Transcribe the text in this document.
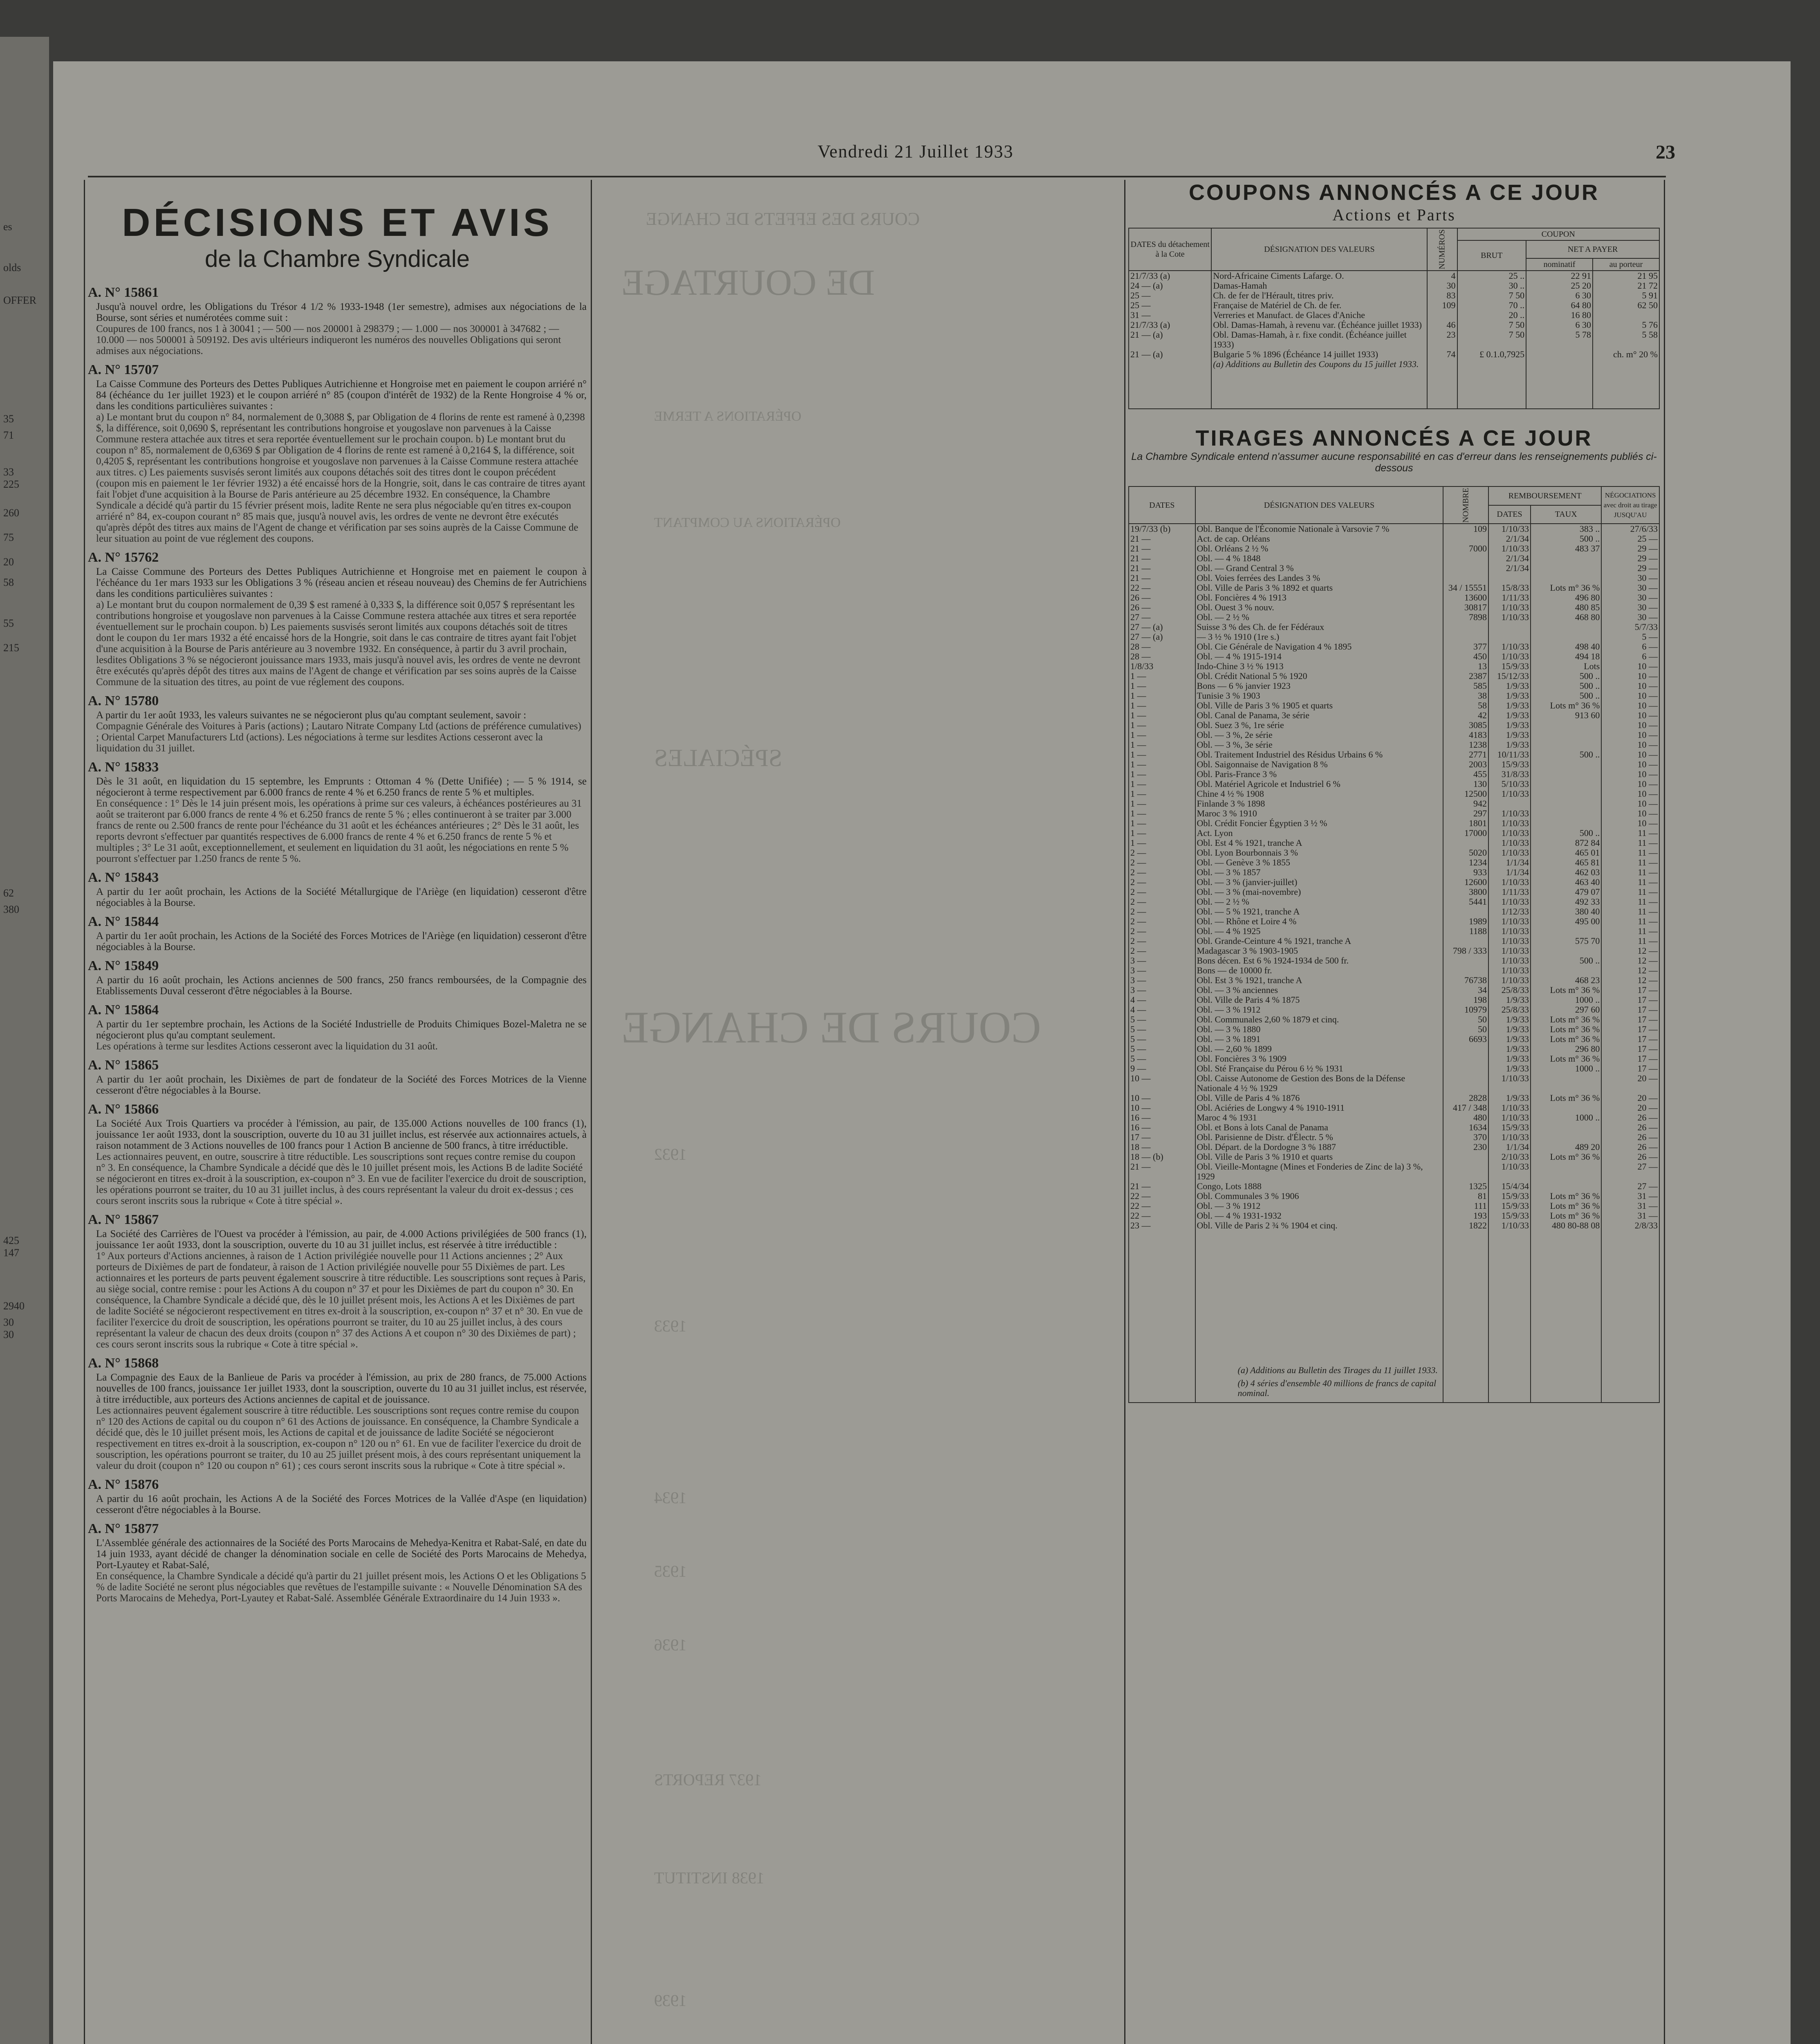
es
olds
OFFER
35
71
33
225
260
75
20
58
55
215
62
380
425
147
2940
30
30
Vendredi 21 Juillet 1933	23
DÉCISIONS ET AVIS
de la Chambre Syndicale
A. N° 15861
Jusqu'à nouvel ordre, les Obligations du Trésor 4 1/2 % 1933-1948 (1er semestre), admises aux négociations de la Bourse, sont séries et numérotées comme suit :
Coupures de 100 francs, nos 1 à 30041 ; — 500 — nos 200001 à 298379 ; — 1.000 — nos 300001 à 347682 ; — 10.000 — nos 500001 à 509192. Des avis ultérieurs indiqueront les numéros des nouvelles Obligations qui seront admises aux négociations.
A. N° 15707
La Caisse Commune des Porteurs des Dettes Publiques Autrichienne et Hongroise met en paiement le coupon arriéré n° 84 (échéance du 1er juillet 1923) et le coupon arriéré n° 85 (coupon d'intérêt de 1932) de la Rente Hongroise 4 % or, dans les conditions particulières suivantes :
a) Le montant brut du coupon n° 84, normalement de 0,3088 $, par Obligation de 4 florins de rente est ramené à 0,2398 $, la différence, soit 0,0690 $, représentant les contributions hongroise et yougoslave non parvenues à la Caisse Commune restera attachée aux titres et sera reportée éventuellement sur le prochain coupon. b) Le montant brut du coupon n° 85, normalement de 0,6369 $ par Obligation de 4 florins de rente est ramené à 0,2164 $, la différence, soit 0,4205 $, représentant les contributions hongroise et yougoslave non parvenues à la Caisse Commune restera attachée aux titres. c) Les paiements susvisés seront limités aux coupons détachés soit des titres dont le coupon précédent (coupon mis en paiement le 1er février 1932) a été encaissé hors de la Hongrie, soit, dans le cas contraire de titres ayant fait l'objet d'une acquisition à la Bourse de Paris antérieure au 25 décembre 1932. En conséquence, la Chambre Syndicale a décidé qu'à partir du 15 février présent mois, ladite Rente ne sera plus négociable qu'en titres ex-coupon arriéré n° 84, ex-coupon courant n° 85 mais que, jusqu'à nouvel avis, les ordres de vente ne devront être exécutés qu'après dépôt des titres aux mains de l'Agent de change et vérification par ses soins auprès de la Caisse Commune de leur situation au point de vue réglement des coupons.
A. N° 15762
La Caisse Commune des Porteurs des Dettes Publiques Autrichienne et Hongroise met en paiement le coupon à l'échéance du 1er mars 1933 sur les Obligations 3 % (réseau ancien et réseau nouveau) des Chemins de fer Autrichiens dans les conditions particulières suivantes :
a) Le montant brut du coupon normalement de 0,39 $ est ramené à 0,333 $, la différence soit 0,057 $ représentant les contributions hongroise et yougoslave non parvenues à la Caisse Commune restera attachée aux titres et sera reportée éventuellement sur le prochain coupon. b) Les paiements susvisés seront limités aux coupons détachés soit de titres dont le coupon du 1er mars 1932 a été encaissé hors de la Hongrie, soit dans le cas contraire de titres ayant fait l'objet d'une acquisition à la Bourse de Paris antérieure au 3 novembre 1932. En conséquence, à partir du 3 avril prochain, lesdites Obligations 3 % se négocieront jouissance mars 1933, mais jusqu'à nouvel avis, les ordres de vente ne devront être exécutés qu'après dépôt des titres aux mains de l'Agent de change et vérification par ses soins auprès de la Caisse Commune de la situation des titres, au point de vue réglement des coupons.
A. N° 15780
A partir du 1er août 1933, les valeurs suivantes ne se négocieront plus qu'au comptant seulement, savoir :
Compagnie Générale des Voitures à Paris (actions) ; Lautaro Nitrate Company Ltd (actions de préférence cumulatives) ; Oriental Carpet Manufacturers Ltd (actions). Les négociations à terme sur lesdites Actions cesseront avec la liquidation du 31 juillet.
A. N° 15833
Dès le 31 août, en liquidation du 15 septembre, les Emprunts : Ottoman 4 % (Dette Unifiée) ; — 5 % 1914, se négocieront à terme respectivement par 6.000 francs de rente 4 % et 6.250 francs de rente 5 % et multiples.
En conséquence : 1° Dès le 14 juin présent mois, les opérations à prime sur ces valeurs, à échéances postérieures au 31 août se traiteront par 6.000 francs de rente 4 % et 6.250 francs de rente 5 % ; elles continueront à se traiter par 3.000 francs de rente ou 2.500 francs de rente pour l'échéance du 31 août et les échéances antérieures ; 2° Dès le 31 août, les reports devront s'effectuer par quantités respectives de 6.000 francs de rente 4 % et 6.250 francs de rente 5 % et multiples ; 3° Le 31 août, exceptionnellement, et seulement en liquidation du 31 août, les négociations en rente 5 % pourront s'effectuer par 1.250 francs de rente 5 %.
A. N° 15843
A partir du 1er août prochain, les Actions de la Société Métallurgique de l'Ariège (en liquidation) cesseront d'être négociables à la Bourse.
A. N° 15844
A partir du 1er août prochain, les Actions de la Société des Forces Motrices de l'Ariège (en liquidation) cesseront d'être négociables à la Bourse.
A. N° 15849
A partir du 16 août prochain, les Actions anciennes de 500 francs, 250 francs remboursées, de la Compagnie des Etablissements Duval cesseront d'être négociables à la Bourse.
A. N° 15864
A partir du 1er septembre prochain, les Actions de la Société Industrielle de Produits Chimiques Bozel-Maletra ne se négocieront plus qu'au comptant seulement.
Les opérations à terme sur lesdites Actions cesseront avec la liquidation du 31 août.
A. N° 15865
A partir du 1er août prochain, les Dixièmes de part de fondateur de la Société des Forces Motrices de la Vienne cesseront d'être négociables à la Bourse.
A. N° 15866
La Société Aux Trois Quartiers va procéder à l'émission, au pair, de 135.000 Actions nouvelles de 100 francs (1), jouissance 1er août 1933, dont la souscription, ouverte du 10 au 31 juillet inclus, est réservée aux actionnaires actuels, à raison notamment de 3 Actions nouvelles de 100 francs pour 1 Action B ancienne de 500 francs, à titre irréductible.
Les actionnaires peuvent, en outre, souscrire à titre réductible. Les souscriptions sont reçues contre remise du coupon n° 3. En conséquence, la Chambre Syndicale a décidé que dès le 10 juillet présent mois, les Actions B de ladite Société se négocieront en titres ex-droit à la souscription, ex-coupon n° 3. En vue de faciliter l'exercice du droit de souscription, les opérations pourront se traiter, du 10 au 31 juillet inclus, à des cours représentant la valeur du droit ex-dessus ; ces cours seront inscrits sous la rubrique « Cote à titre spécial ».
A. N° 15867
La Société des Carrières de l'Ouest va procéder à l'émission, au pair, de 4.000 Actions privilégiées de 500 francs (1), jouissance 1er août 1933, dont la souscription, ouverte du 10 au 31 juillet inclus, est réservée à titre irréductible :
1° Aux porteurs d'Actions anciennes, à raison de 1 Action privilégiée nouvelle pour 11 Actions anciennes ; 2° Aux porteurs de Dixièmes de part de fondateur, à raison de 1 Action privilégiée nouvelle pour 55 Dixièmes de part. Les actionnaires et les porteurs de parts peuvent également souscrire à titre réductible. Les souscriptions sont reçues à Paris, au siège social, contre remise : pour les Actions A du coupon n° 37 et pour les Dixièmes de part du coupon n° 30. En conséquence, la Chambre Syndicale a décidé que, dès le 10 juillet présent mois, les Actions A et les Dixièmes de part de ladite Société se négocieront respectivement en titres ex-droit à la souscription, ex-coupon n° 37 et n° 30. En vue de faciliter l'exercice du droit de souscription, les opérations pourront se traiter, du 10 au 25 juillet inclus, à des cours représentant la valeur de chacun des deux droits (coupon n° 37 des Actions A et coupon n° 30 des Dixièmes de part) ; ces cours seront inscrits sous la rubrique « Cote à titre spécial ».
A. N° 15868
La Compagnie des Eaux de la Banlieue de Paris va procéder à l'émission, au prix de 280 francs, de 75.000 Actions nouvelles de 100 francs, jouissance 1er juillet 1933, dont la souscription, ouverte du 10 au 31 juillet inclus, est réservée, à titre irréductible, aux porteurs des Actions anciennes de capital et de jouissance.
Les actionnaires peuvent également souscrire à titre réductible. Les souscriptions sont reçues contre remise du coupon n° 120 des Actions de capital ou du coupon n° 61 des Actions de jouissance. En conséquence, la Chambre Syndicale a décidé que, dès le 10 juillet présent mois, les Actions de capital et de jouissance de ladite Société se négocieront respectivement en titres ex-droit à la souscription, ex-coupon n° 120 ou n° 61. En vue de faciliter l'exercice du droit de souscription, les opérations pourront se traiter, du 10 au 25 juillet présent mois, à des cours représentant uniquement la valeur du droit (coupon n° 120 ou coupon n° 61) ; ces cours seront inscrits sous la rubrique « Cote à titre spécial ».
A. N° 15876
A partir du 16 août prochain, les Actions A de la Société des Forces Motrices de la Vallée d'Aspe (en liquidation) cesseront d'être négociables à la Bourse.
A. N° 15877
L'Assemblée générale des actionnaires de la Société des Ports Marocains de Mehedya-Kenitra et Rabat-Salé, en date du 14 juin 1933, ayant décidé de changer la dénomination sociale en celle de Société des Ports Marocains de Mehedya, Port-Lyautey et Rabat-Salé,
En conséquence, la Chambre Syndicale a décidé qu'à partir du 21 juillet présent mois, les Actions O et les Obligations 5 % de ladite Société ne seront plus négociables que revêtues de l'estampille suivante : « Nouvelle Dénomination SA des Ports Marocains de Mehedya, Port-Lyautey et Rabat-Salé. Assemblée Générale Extraordinaire du 14 Juin 1933 ».
COURS DES EFFETS DE CHANGE
DE COURTAGE
OPÉRATIONS A TERME
OPÉRATIONS AU COMPTANT
SPÉCIALES
COURS DE CHANGE
1932
1933
1934
1935
1936
1937 REPORTS
1938 INSTITUT
1939
COUPONS ANNONCÉS A CE JOUR
Actions et Parts
DATES du détachement à la Cote	DÉSIGNATION DES VALEURS	NUMÉROS	COUPON		
			BRUT	NET A PAYER	
				nominatif	au porteur
21/7/33 (a)	Nord-Africaine Ciments Lafarge. O.	4	25 ..	22 91	21 95
24 — (a)	Damas-Hamah	30	30 ..	25 20	21 72
25 —	Ch. de fer de l'Hérault, titres priv.	83	7 50	6 30	5 91
25 —	Française de Matériel de Ch. de fer.	109	70 ..	64 80	62 50
31 —	Verreries et Manufact. de Glaces d'Aniche		20 ..	16 80	
21/7/33 (a)	Obl. Damas-Hamah, à revenu var. (Échéance juillet 1933)	46	7 50	6 30	5 76
21 — (a)	Obl. Damas-Hamah, à r. fixe condit. (Échéance juillet 1933)	23	7 50	5 78	5 58
21 — (a)	Bulgarie 5 % 1896 (Échéance 14 juillet 1933)	74	£ 0.1.0,7925		ch. m° 20 %
	(a) Additions au Bulletin des Coupons du 15 juillet 1933.				
TIRAGES ANNONCÉS A CE JOUR
La Chambre Syndicale entend n'assumer aucune responsabilité en cas d'erreur dans les renseignements publiés ci-dessous
DATES	DÉSIGNATION DES VALEURS	NOMBRE	REMBOURSEMENT		NÉGOCIATIONS avec droit au tirage JUSQU'AU
			DATES	TAUX	
19/7/33 (b)	Obl. Banque de l'Économie Nationale à Varsovie 7 %	109	1/10/33	383 ..	27/6/33
21 —	Act. de cap. Orléans		2/1/34	500 ..	25 —
21 —	Obl. Orléans 2 ½ %	7000	1/10/33	483 37	29 —
21 —	Obl. — 4 % 1848		2/1/34		29 —
21 —	Obl. — Grand Central 3 %		2/1/34		29 —
21 —	Obl. Voies ferrées des Landes 3 %				30 —
22 —	Obl. Ville de Paris 3 % 1892 et quarts	34 / 15551	15/8/33	Lots m° 36 %	30 —
26 —	Obl. Foncières 4 % 1913	13600	1/11/33	496 80	30 —
26 —	Obl. Ouest 3 % nouv.	30817	1/10/33	480 85	30 —
27 —	Obl. — 2 ½ %	7898	1/10/33	468 80	30 —
27 — (a)	Suisse 3 % des Ch. de fer Fédéraux				5/7/33
27 — (a)	— 3 ½ % 1910 (1re s.)				5 —
28 —	Obl. Cie Générale de Navigation 4 % 1895	377	1/10/33	498 40	6 —
28 —	Obl. — 4 % 1915-1914	450	1/10/33	494 18	6 —
1/8/33	Indo-Chine 3 ½ % 1913	13	15/9/33	Lots	10 —
1 —	Obl. Crédit National 5 % 1920	2387	15/12/33	500 ..	10 —
1 —	Bons — 6 % janvier 1923	585	1/9/33	500 ..	10 —
1 —	Tunisie 3 % 1903	38	1/9/33	500 ..	10 —
1 —	Obl. Ville de Paris 3 % 1905 et quarts	58	1/9/33	Lots m° 36 %	10 —
1 —	Obl. Canal de Panama, 3e série	42	1/9/33	913 60	10 —
1 —	Obl. Suez 3 %, 1re série	3085	1/9/33		10 —
1 —	Obl. — 3 %, 2e série	4183	1/9/33		10 —
1 —	Obl. — 3 %, 3e série	1238	1/9/33		10 —
1 —	Obl. Traitement Industriel des Résidus Urbains 6 %	2771	10/11/33	500 ..	10 —
1 —	Obl. Saigonnaise de Navigation 8 %	2003	15/9/33		10 —
1 —	Obl. Paris-France 3 %	455	31/8/33		10 —
1 —	Obl. Matériel Agricole et Industriel 6 %	130	5/10/33		10 —
1 —	Chine 4 ½ % 1908	12500	1/10/33		10 —
1 —	Finlande 3 % 1898	942			10 —
1 —	Maroc 3 % 1910	297	1/10/33		10 —
1 —	Obl. Crédit Foncier Égyptien 3 ½ %	1801	1/10/33		10 —
1 —	Act. Lyon	17000	1/10/33	500 ..	11 —
1 —	Obl. Est 4 % 1921, tranche A		1/10/33	872 84	11 —
2 —	Obl. Lyon Bourbonnais 3 %	5020	1/10/33	465 01	11 —
2 —	Obl. — Genève 3 % 1855	1234	1/1/34	465 81	11 —
2 —	Obl. — 3 % 1857	933	1/1/34	462 03	11 —
2 —	Obl. — 3 % (janvier-juillet)	12600	1/10/33	463 40	11 —
2 —	Obl. — 3 % (mai-novembre)	3800	1/11/33	479 07	11 —
2 —	Obl. — 2 ½ %	5441	1/10/33	492 33	11 —
2 —	Obl. — 5 % 1921, tranche A		1/12/33	380 40	11 —
2 —	Obl. — Rhône et Loire 4 %	1989	1/10/33	495 00	11 —
2 —	Obl. — 4 % 1925	1188	1/10/33		11 —
2 —	Obl. Grande-Ceinture 4 % 1921, tranche A		1/10/33	575 70	11 —
2 —	Madagascar 3 % 1903-1905	798 / 333	1/10/33		12 —
3 —	Bons décen. Est 6 % 1924-1934 de 500 fr.		1/10/33	500 ..	12 —
3 —	Bons — de 10000 fr.		1/10/33		12 —
3 —	Obl. Est 3 % 1921, tranche A	76738	1/10/33	468 23	12 —
3 —	Obl. — 3 % anciennes	34	25/8/33	Lots m° 36 %	17 —
4 —	Obl. Ville de Paris 4 % 1875	198	1/9/33	1000 ..	17 —
4 —	Obl. — 3 % 1912	10979	25/8/33	297 60	17 —
5 —	Obl. Communales 2,60 % 1879 et cinq.	50	1/9/33	Lots m° 36 %	17 —
5 —	Obl. — 3 % 1880	50	1/9/33	Lots m° 36 %	17 —
5 —	Obl. — 3 % 1891	6693	1/9/33	Lots m° 36 %	17 —
5 —	Obl. — 2,60 % 1899		1/9/33	296 80	17 —
5 —	Obl. Foncières 3 % 1909		1/9/33	Lots m° 36 %	17 —
9 —	Obl. Sté Française du Pérou 6 ½ % 1931		1/9/33	1000 ..	17 —
10 —	Obl. Caisse Autonome de Gestion des Bons de la Défense Nationale 4 ½ % 1929		1/10/33		20 —
10 —	Obl. Ville de Paris 4 % 1876	2828	1/9/33	Lots m° 36 %	20 —
10 —	Obl. Aciéries de Longwy 4 % 1910-1911	417 / 348	1/10/33		20 —
16 —	Maroc 4 % 1931	480	1/10/33	1000 ..	26 —
16 —	Obl. et Bons à lots Canal de Panama	1634	15/9/33		26 —
17 —	Obl. Parisienne de Distr. d'Électr. 5 %	370	1/10/33		26 —
18 —	Obl. Départ. de la Dordogne 3 % 1887	230	1/1/34	489 20	26 —
18 — (b)	Obl. Ville de Paris 3 % 1910 et quarts		2/10/33	Lots m° 36 %	26 —
21 —	Obl. Vieille-Montagne (Mines et Fonderies de Zinc de la) 3 %, 1929		1/10/33		27 —
21 —	Congo, Lots 1888	1325	15/4/34		27 —
22 —	Obl. Communales 3 % 1906	81	15/9/33	Lots m° 36 %	31 —
22 —	Obl. — 3 % 1912	111	15/9/33	Lots m° 36 %	31 —
22 —	Obl. — 4 % 1931-1932	193	15/9/33	Lots m° 36 %	31 —
23 —	Obl. Ville de Paris 2 ¾ % 1904 et cinq.	1822	1/10/33	480 80-88 08	2/8/33

	(a) Additions au Bulletin des Tirages du 11 juillet 1933.
(b) 4 séries d'ensemble 40 millions de francs de capital nominal.				
